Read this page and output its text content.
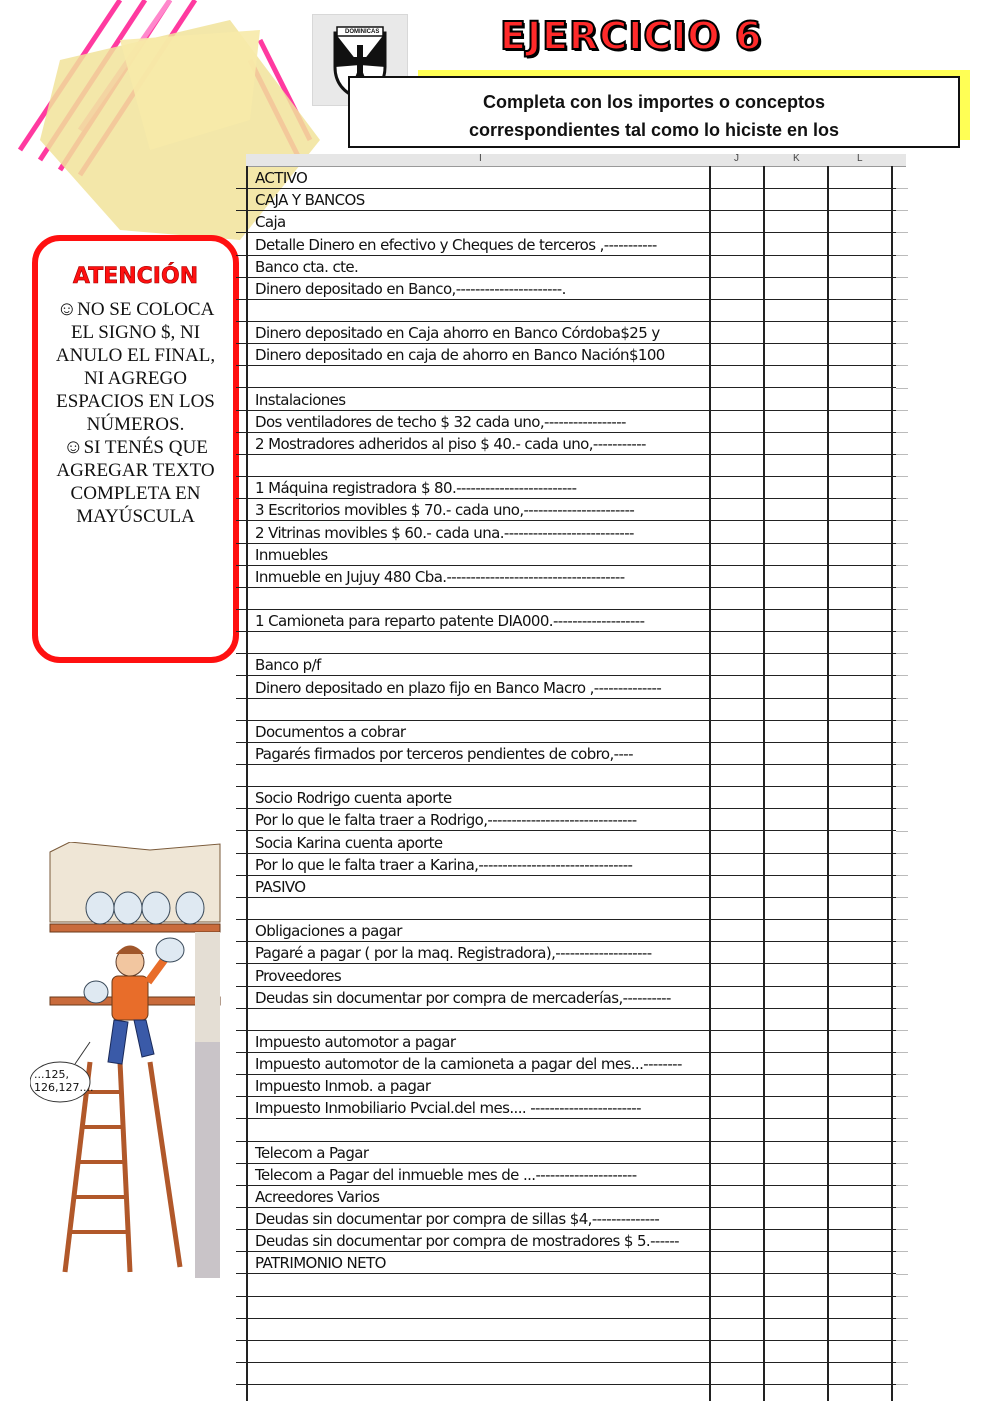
DOMINICAS	EJERCICIO 6
Completa con los importes o conceptos
correspondientes tal como lo hiciste en los
ATENCIÓN
☺NO SE COLOCA EL SIGNO $, NI ANULO EL FINAL, NI AGREGO ESPACIOS EN LOS NÚMEROS.
☺SI TENÉS QUE AGREGAR TEXTO COMPLETA EN MAYÚSCULA
I	J	K	L
ACTIVO
CAJA Y BANCOS
Caja
Detalle Dinero en efectivo y Cheques de terceros ,-----------
Banco cta. cte.
Dinero depositado en Banco,----------------------.
Dinero depositado en Caja ahorro en Banco Córdoba$25 y
Dinero depositado en caja de ahorro en Banco Nación$100
Instalaciones
Dos ventiladores de techo $ 32 cada uno,-----------------
2 Mostradores adheridos al piso $ 40.- cada uno,-----------
1 Máquina registradora $ 80.-------------------------
3 Escritorios movibles $ 70.- cada uno,-----------------------
2 Vitrinas movibles $ 60.- cada una.---------------------------
Inmuebles
Inmueble en Jujuy 480 Cba.-------------------------------------
1 Camioneta para reparto patente DIA000.-------------------
Banco p/f
Dinero depositado en plazo fijo en Banco Macro ,--------------
Documentos a cobrar
Pagarés firmados por terceros pendientes de cobro,----
Socio Rodrigo cuenta aporte
Por lo que le falta traer a Rodrigo,-------------------------------
Socia Karina cuenta aporte
Por lo que le falta traer a Karina,--------------------------------
PASIVO
Obligaciones a pagar
Pagaré a pagar ( por la maq. Registradora),--------------------
Proveedores
Deudas sin documentar por compra de mercaderías,----------
Impuesto automotor a pagar
Impuesto automotor de la camioneta a pagar del mes...--------
Impuesto Inmob. a pagar
Impuesto Inmobiliario Pvcial.del mes.... -----------------------
Telecom a Pagar
Telecom a Pagar del inmueble mes de ...---------------------
Acreedores Varios
Deudas sin documentar por compra de sillas $4,--------------
Deudas sin documentar por compra de mostradores $ 5.------
PATRIMONIO NETO
...125, 126,127....
